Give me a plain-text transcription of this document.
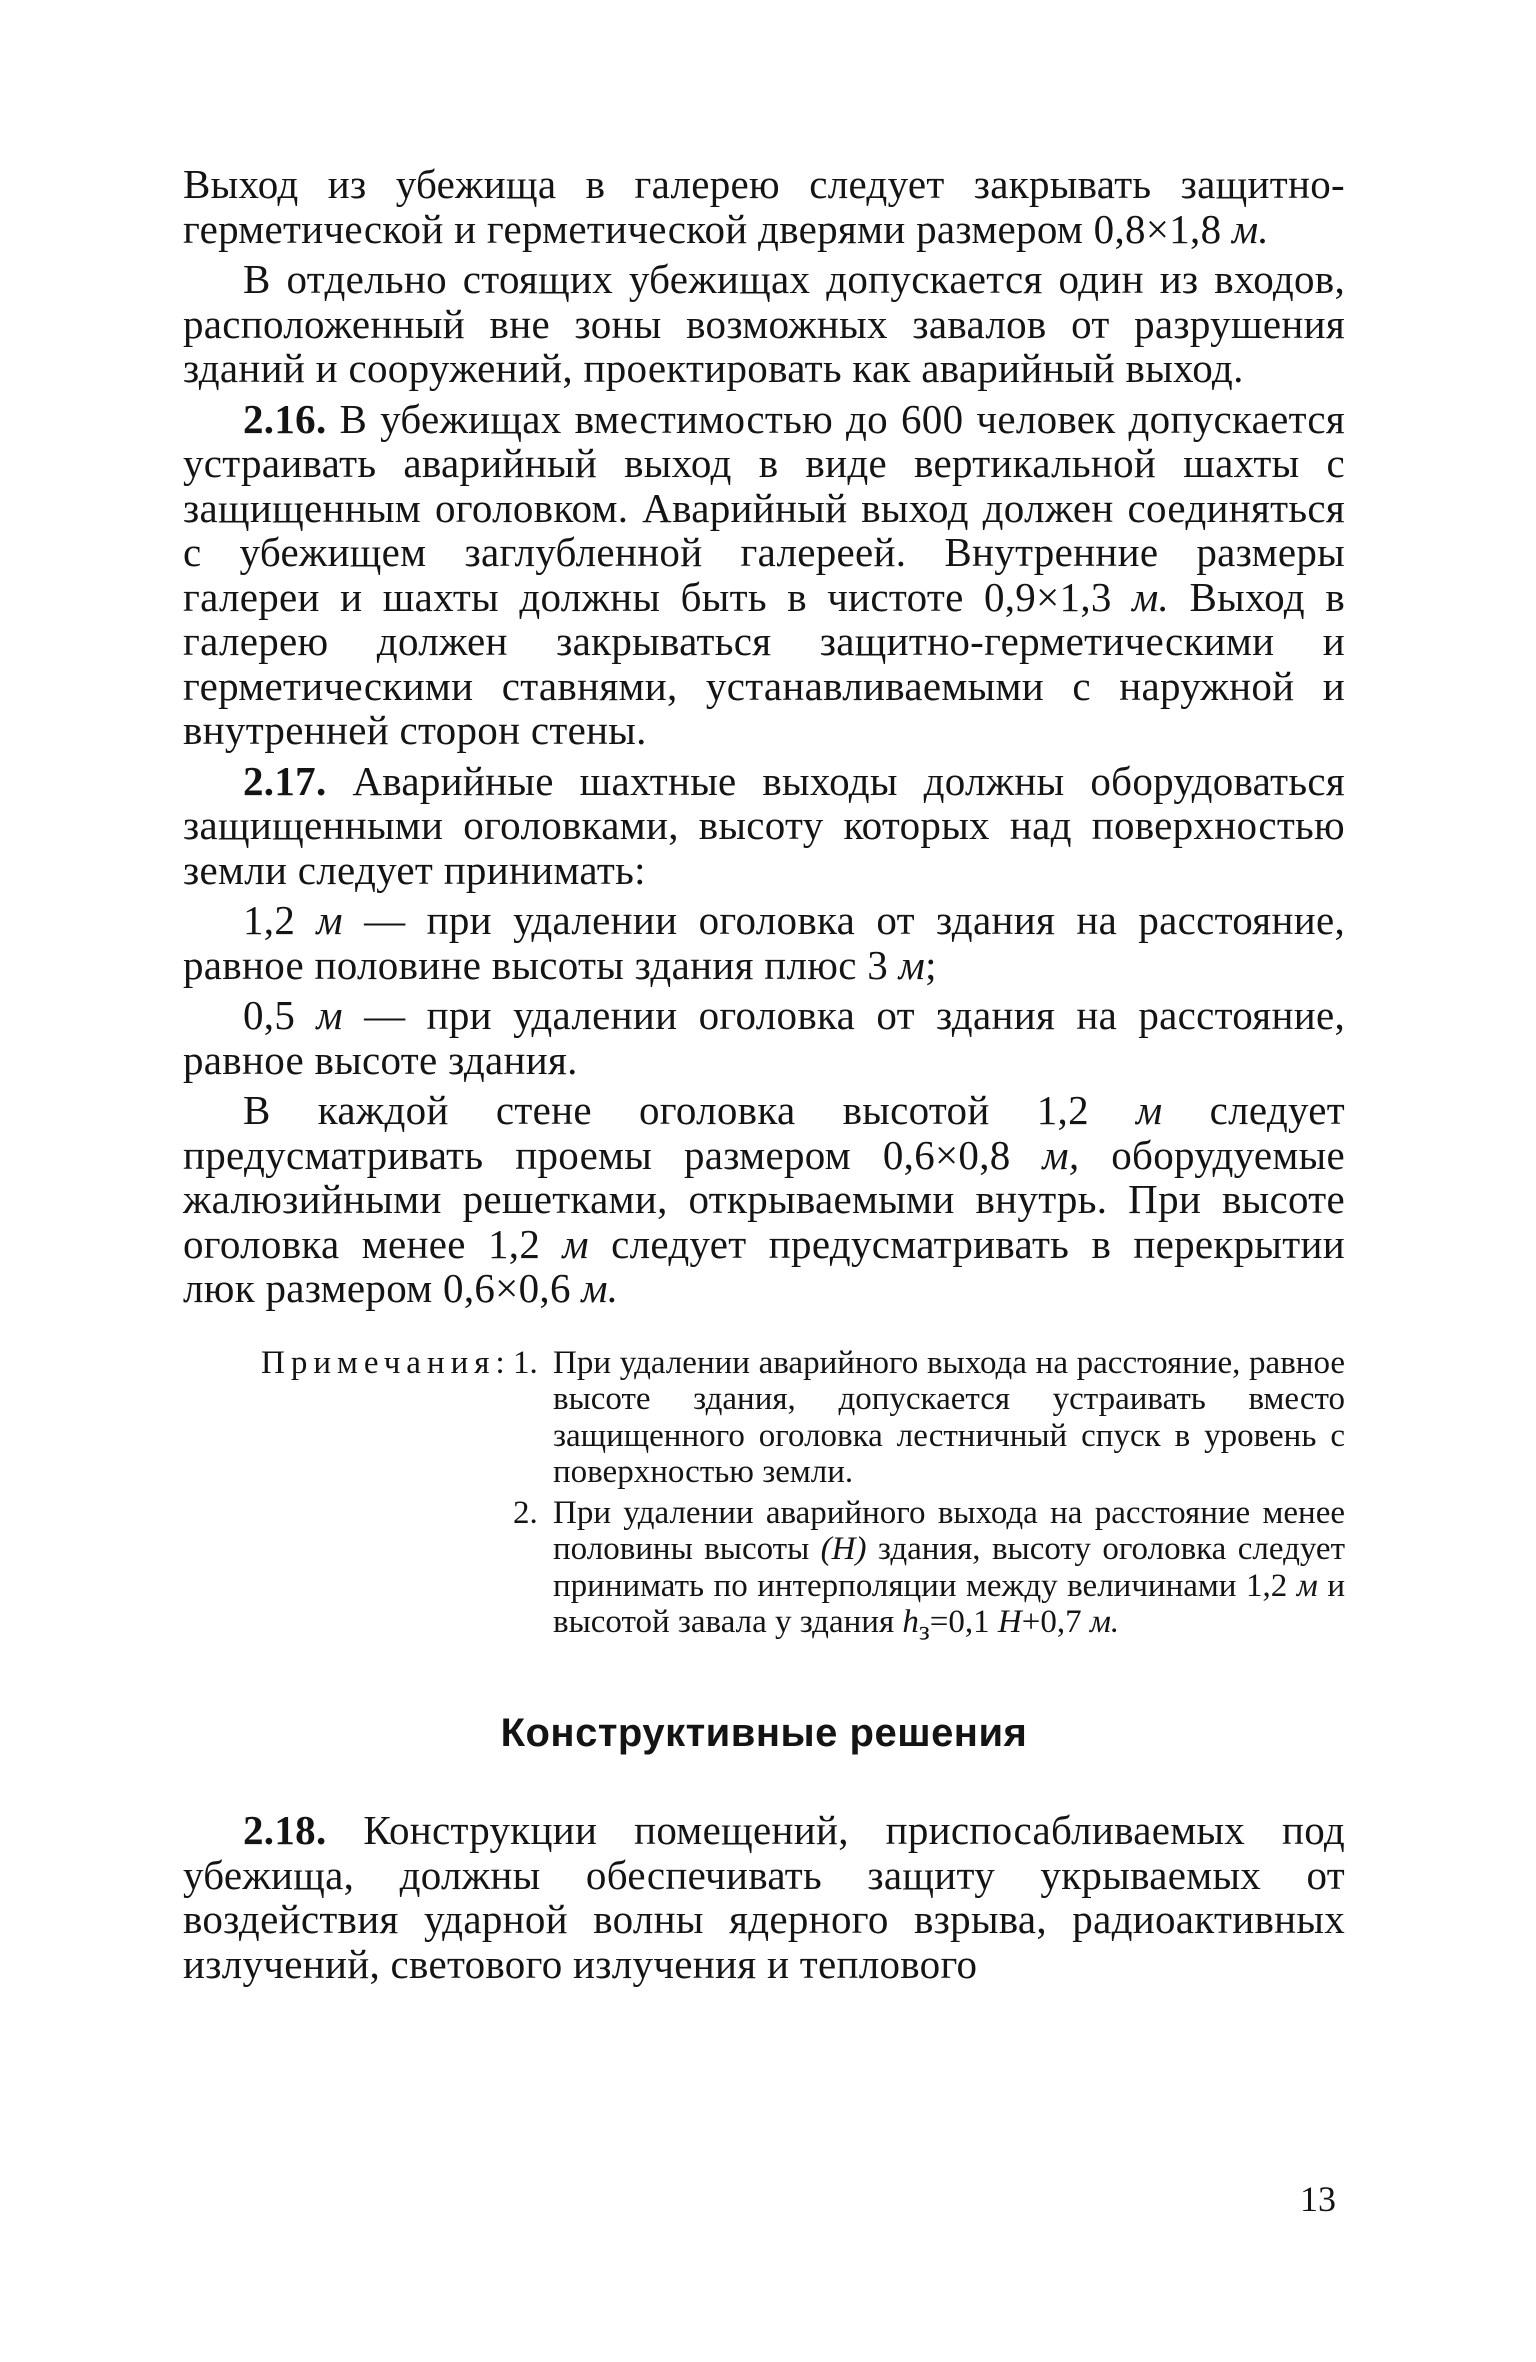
Выход из убежища в галерею следует закрывать защитно-герметической и герметической дверями размером 0,8×1,8 м.

В отдельно стоящих убежищах допускается один из входов, расположенный вне зоны возможных завалов от разрушения зданий и сооружений, проектировать как аварийный выход.

2.16. В убежищах вместимостью до 600 человек допускается устраивать аварийный выход в виде вертикальной шахты с защищенным оголовком. Аварийный выход должен соединяться с убежищем заглубленной галереей. Внутренние размеры галереи и шахты должны быть в чистоте 0,9×1,3 м. Выход в галерею должен закрываться защитно-герметическими и герметическими ставнями, устанавливаемыми с наружной и внутренней сторон стены.

2.17. Аварийные шахтные выходы должны оборудоваться защищенными оголовками, высоту которых над поверхностью земли следует принимать:

1,2 м — при удалении оголовка от здания на расстояние, равное половине высоты здания плюс 3 м;

0,5 м — при удалении оголовка от здания на расстояние, равное высоте здания.

В каждой стене оголовка высотой 1,2 м следует предусматривать проемы размером 0,6×0,8 м, оборудуемые жалюзийными решетками, открываемыми внутрь. При высоте оголовка менее 1,2 м следует предусматривать в перекрытии люк размером 0,6×0,6 м.

Примечания: 1. При удалении аварийного выхода на расстояние, равное высоте здания, допускается устраивать вместо защищенного оголовка лестничный спуск в уровень с поверхностью земли.
2. При удалении аварийного выхода на расстояние менее половины высоты (H) здания, высоту оголовка следует принимать по интерполяции между величинами 1,2 м и высотой завала у здания $h_з=0,1$ H+0,7 м.
Конструктивные решения

2.18. Конструкции помещений, приспосабливаемых под убежища, должны обеспечивать защиту укрываемых от воздействия ударной волны ядерного взрыва, радиоактивных излучений, светового излучения и теплового

13
